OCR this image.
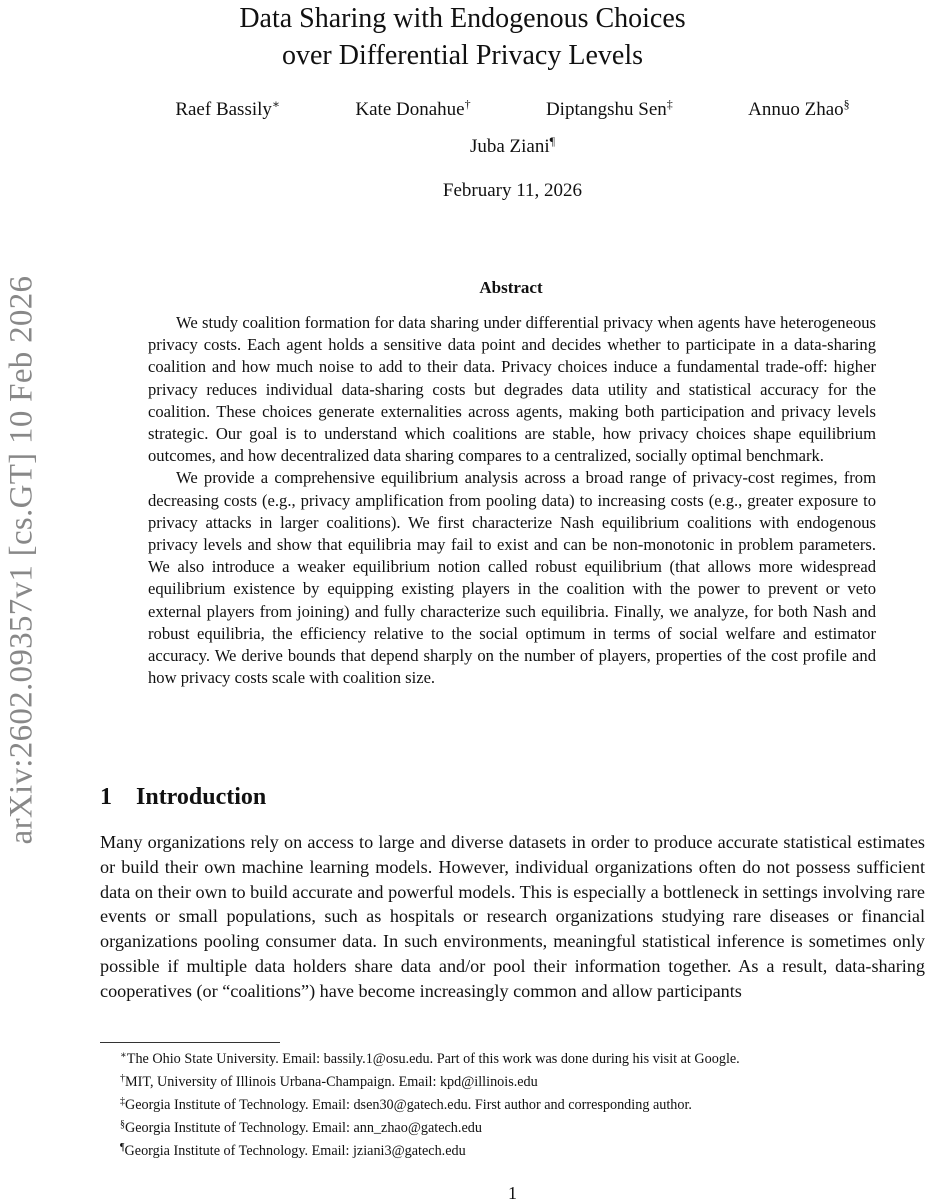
arXiv:2602.09357v1 [cs.GT] 10 Feb 2026
Data Sharing with Endogenous Choices
over Differential Privacy Levels
Raef Bassily∗	Kate Donahue†	Diptangshu Sen‡	Annuo Zhao§
Juba Ziani¶
February 11, 2026
Abstract

We study coalition formation for data sharing under differential privacy when agents have heterogeneous privacy costs. Each agent holds a sensitive data point and decides whether to participate in a data-sharing coalition and how much noise to add to their data. Privacy choices induce a fundamental trade-off: higher privacy reduces individual data-sharing costs but degrades data utility and statistical accuracy for the coalition. These choices generate externalities across agents, making both participation and privacy levels strategic. Our goal is to understand which coalitions are stable, how privacy choices shape equilibrium outcomes, and how decentralized data sharing compares to a centralized, socially optimal benchmark.

We provide a comprehensive equilibrium analysis across a broad range of privacy-cost regimes, from decreasing costs (e.g., privacy amplification from pooling data) to increasing costs (e.g., greater exposure to privacy attacks in larger coalitions). We first characterize Nash equilibrium coalitions with endogenous privacy levels and show that equilibria may fail to exist and can be non-monotonic in problem parameters. We also introduce a weaker equilibrium notion called robust equilibrium (that allows more widespread equilibrium existence by equipping existing players in the coalition with the power to prevent or veto external players from joining) and fully characterize such equilibria. Finally, we analyze, for both Nash and robust equilibria, the efficiency relative to the social optimum in terms of social welfare and estimator accuracy. We derive bounds that depend sharply on the number of players, properties of the cost profile and how privacy costs scale with coalition size.

1 Introduction

Many organizations rely on access to large and diverse datasets in order to produce accurate statistical estimates or build their own machine learning models. However, individual organizations often do not possess sufficient data on their own to build accurate and powerful models. This is especially a bottleneck in settings involving rare events or small populations, such as hospitals or research organizations studying rare diseases or financial organizations pooling consumer data. In such environments, meaningful statistical inference is sometimes only possible if multiple data holders share data and/or pool their information together. As a result, data-sharing cooperatives (or “coalitions”) have become increasingly common and allow participants

∗The Ohio State University. Email: bassily.1@osu.edu. Part of this work was done during his visit at Google.
†MIT, University of Illinois Urbana-Champaign. Email: kpd@illinois.edu
‡Georgia Institute of Technology. Email: dsen30@gatech.edu. First author and corresponding author.
§Georgia Institute of Technology. Email: ann_zhao@gatech.edu
¶Georgia Institute of Technology. Email: jziani3@gatech.edu
1
